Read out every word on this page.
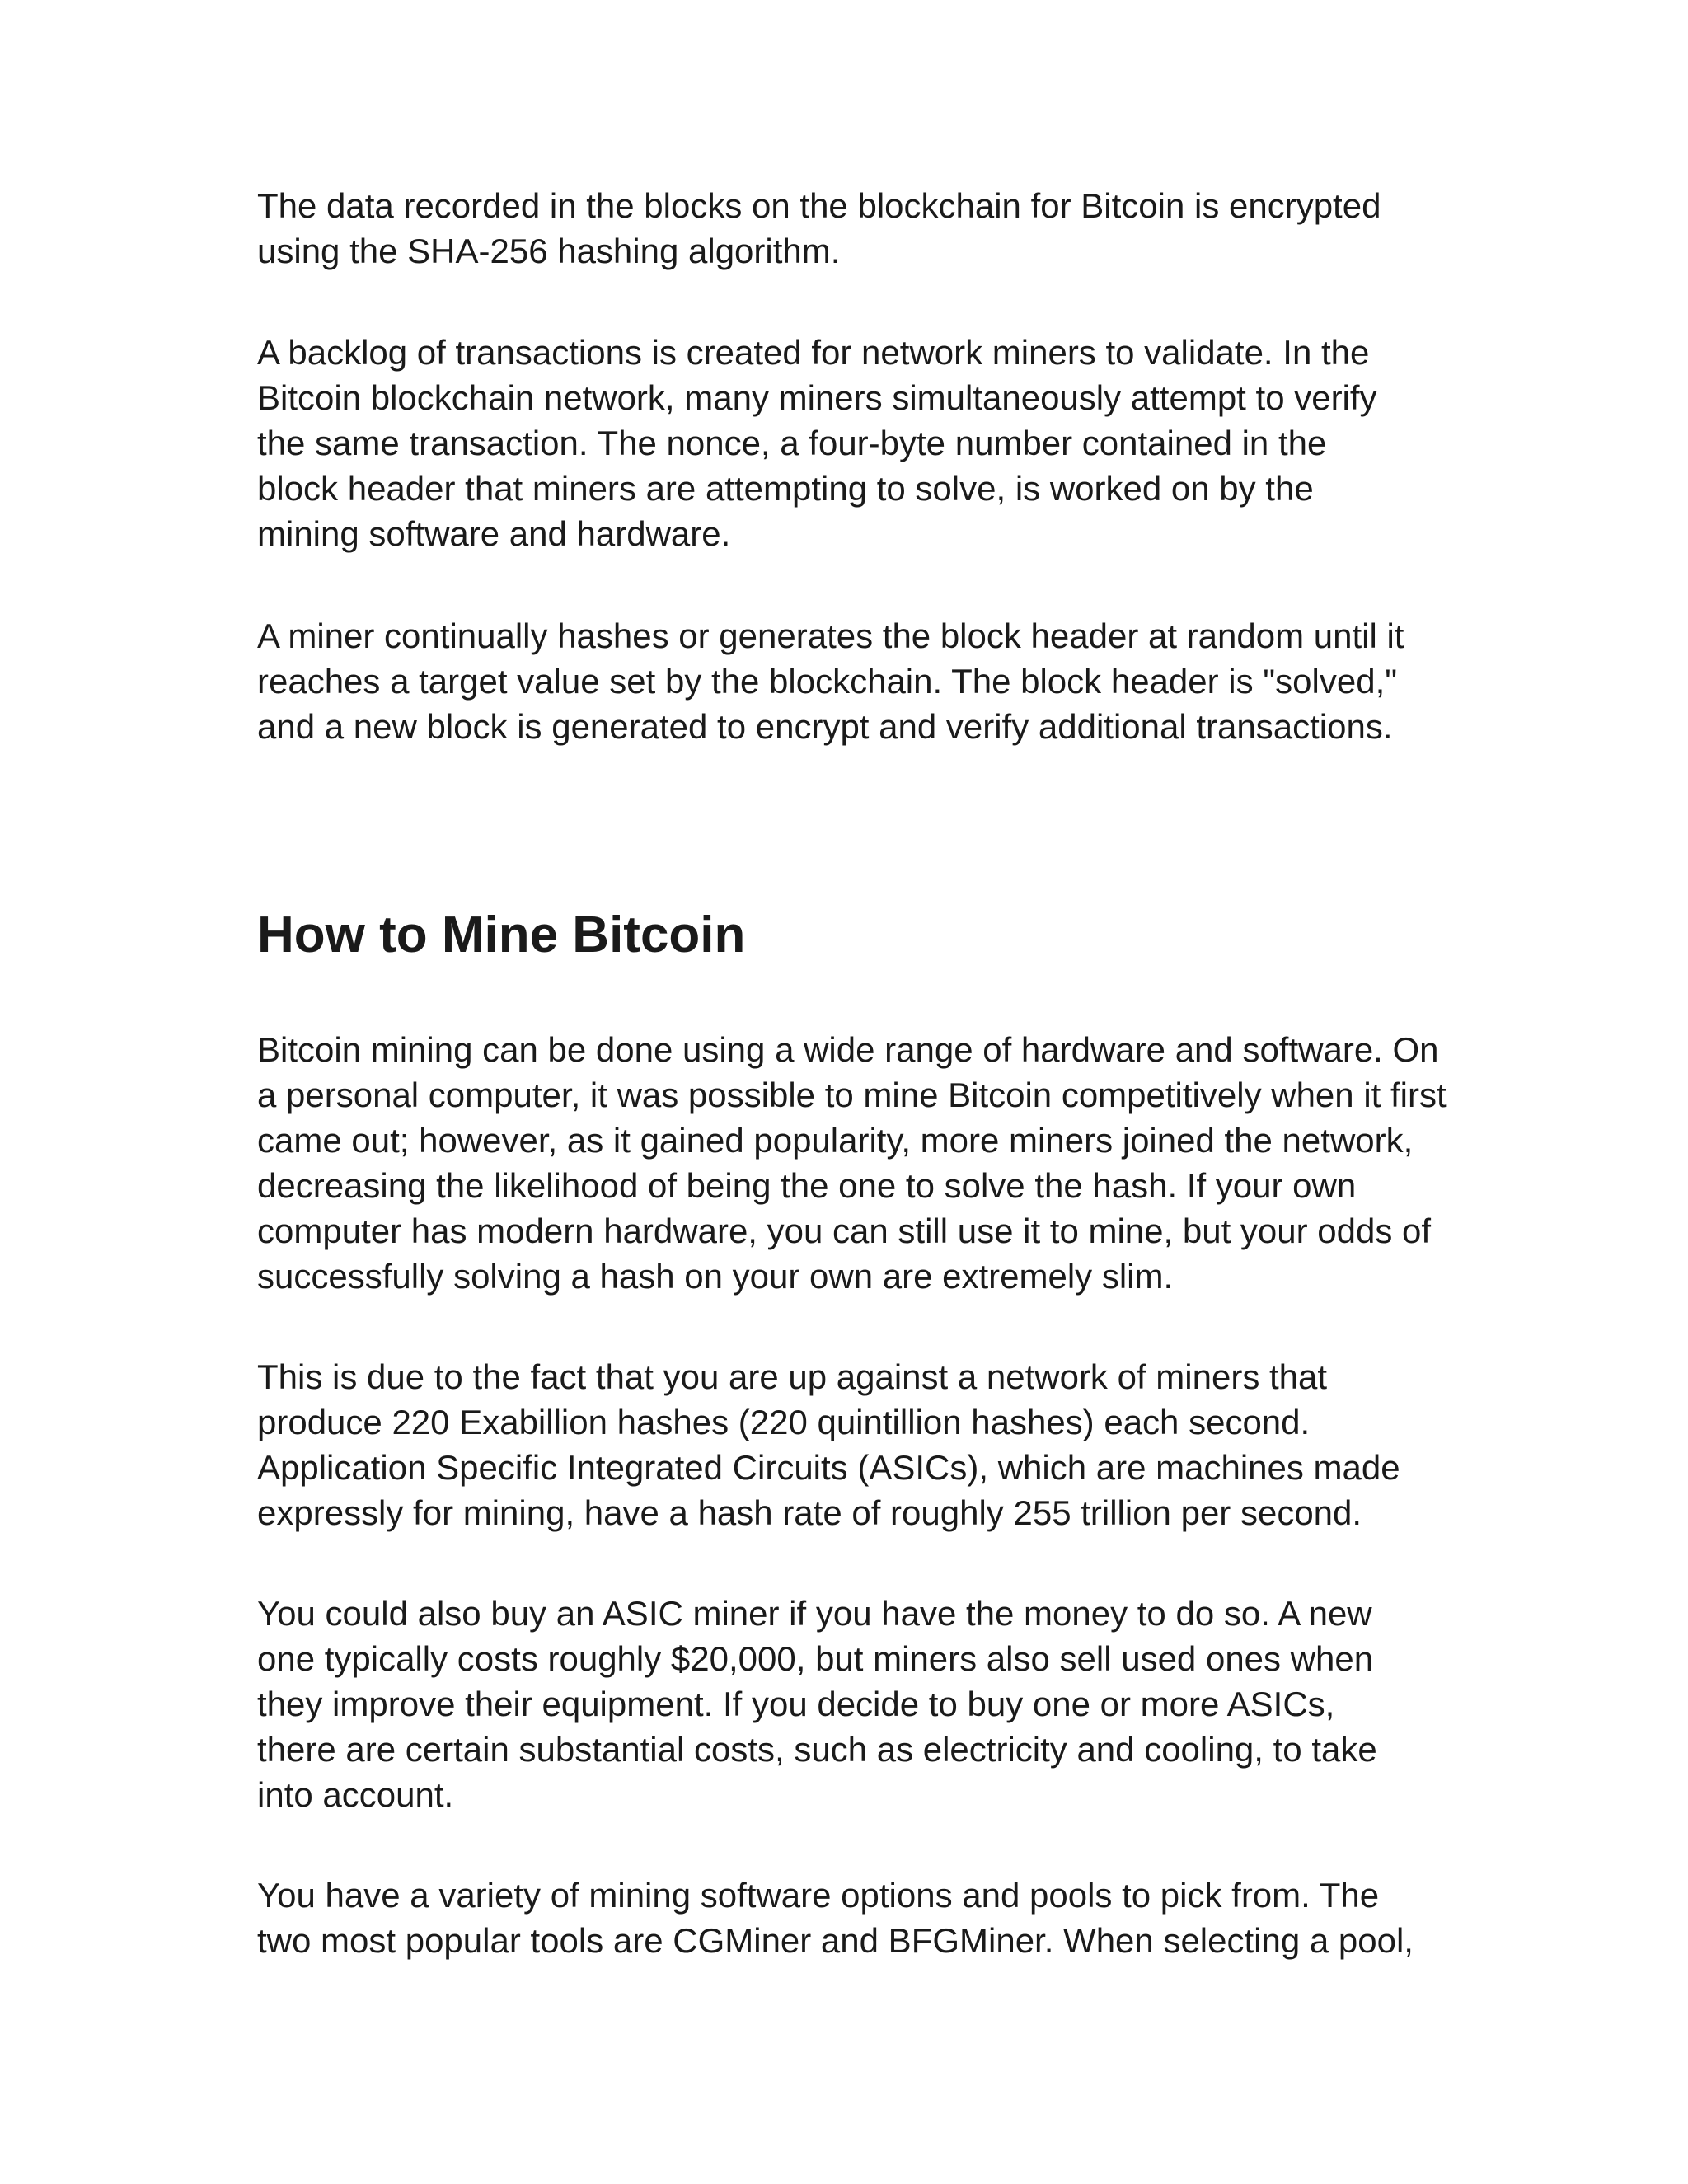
The data recorded in the blocks on the blockchain for Bitcoin is encrypted
using the SHA-256 hashing algorithm.

A backlog of transactions is created for network miners to validate. In the
Bitcoin blockchain network, many miners simultaneously attempt to verify
the same transaction. The nonce, a four-byte number contained in the
block header that miners are attempting to solve, is worked on by the
mining software and hardware.

A miner continually hashes or generates the block header at random until it
reaches a target value set by the blockchain. The block header is "solved,"
and a new block is generated to encrypt and verify additional transactions.

How to Mine Bitcoin

Bitcoin mining can be done using a wide range of hardware and software. On
a personal computer, it was possible to mine Bitcoin competitively when it first
came out; however, as it gained popularity, more miners joined the network,
decreasing the likelihood of being the one to solve the hash. If your own
computer has modern hardware, you can still use it to mine, but your odds of
successfully solving a hash on your own are extremely slim.

This is due to the fact that you are up against a network of miners that
produce 220 Exabillion hashes (220 quintillion hashes) each second.
Application Specific Integrated Circuits (ASICs), which are machines made
expressly for mining, have a hash rate of roughly 255 trillion per second.

You could also buy an ASIC miner if you have the money to do so. A new
one typically costs roughly $20,000, but miners also sell used ones when
they improve their equipment. If you decide to buy one or more ASICs,
there are certain substantial costs, such as electricity and cooling, to take
into account.

You have a variety of mining software options and pools to pick from. The
two most popular tools are CGMiner and BFGMiner. When selecting a pool,
